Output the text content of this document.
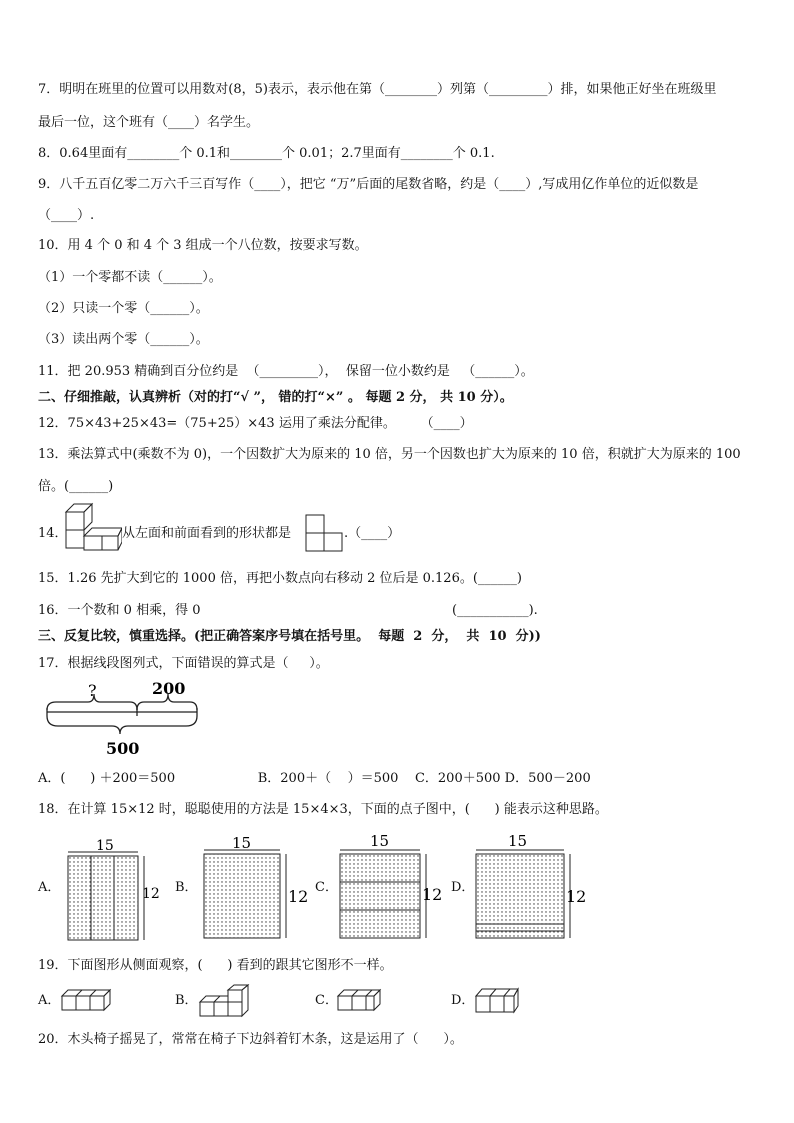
7．明明在班里的位置可以用数对(8，5)表示，表示他在第（________）列第（_________）排，如果他正好坐在班级里
最后一位，这个班有（____）名学生。
8．0.64里面有________个 0.1和________个 0.01；2.7里面有________个 0.1.
9．八千五百亿零二万六千三百写作（____），把它 “万”后面的尾数省略，约是（____）,写成用亿作单位的近似数是
（____）.
10．用 4 个 0 和 4 个 3 组成一个八位数，按要求写数。
（1）一个零都不读（______）。
（2）只读一个零（______）。
（3）读出两个零（______）。
11．把 20.953 精确到百分位约是  （_________），  保留一位小数约是   （______）。
二、仔细推敲，认真辨析（对的打“√ ”， 错的打“×” 。 每题 2 分， 共 10 分）。
12．75×43+25×43=（75+25）×43 运用了乘法分配律。      （____）
13．乘法算式中(乘数不为 0)，一个因数扩大为原来的 10 倍，另一个因数也扩大为原来的 10 倍，积就扩大为原来的 100
倍。(______)
14．	从左面和前面看到的形状都是	.（____）
15．1.26 先扩大到它的 1000 倍，再把小数点向右移动 2 位后是 0.126。(______)
16．一个数和 0 相乘，得 0	(___________).
三、反复比较，慎重选择。(把正确答案序号填在括号里。  每题  2  分，  共  10  分))
17．根据线段图列式，下面错误的算式是（     ）。
?	200
500
A．(      ) ＋200＝500                    B．200＋（    ）＝500    C．200＋500 D．500－200
18．在计算 15×12 时，聪聪使用的方法是 15×4×3，下面的点子图中，(      ) 能表示这种思路。
A．
15
12 B．
15
12 C．
15
12 D．
15
12
19．下面图形从侧面观察，(      ) 看到的跟其它图形不一样。
A．	B．	C．	D．
20．木头椅子摇晃了，常常在椅子下边斜着钉木条，这是运用了（      ）。
